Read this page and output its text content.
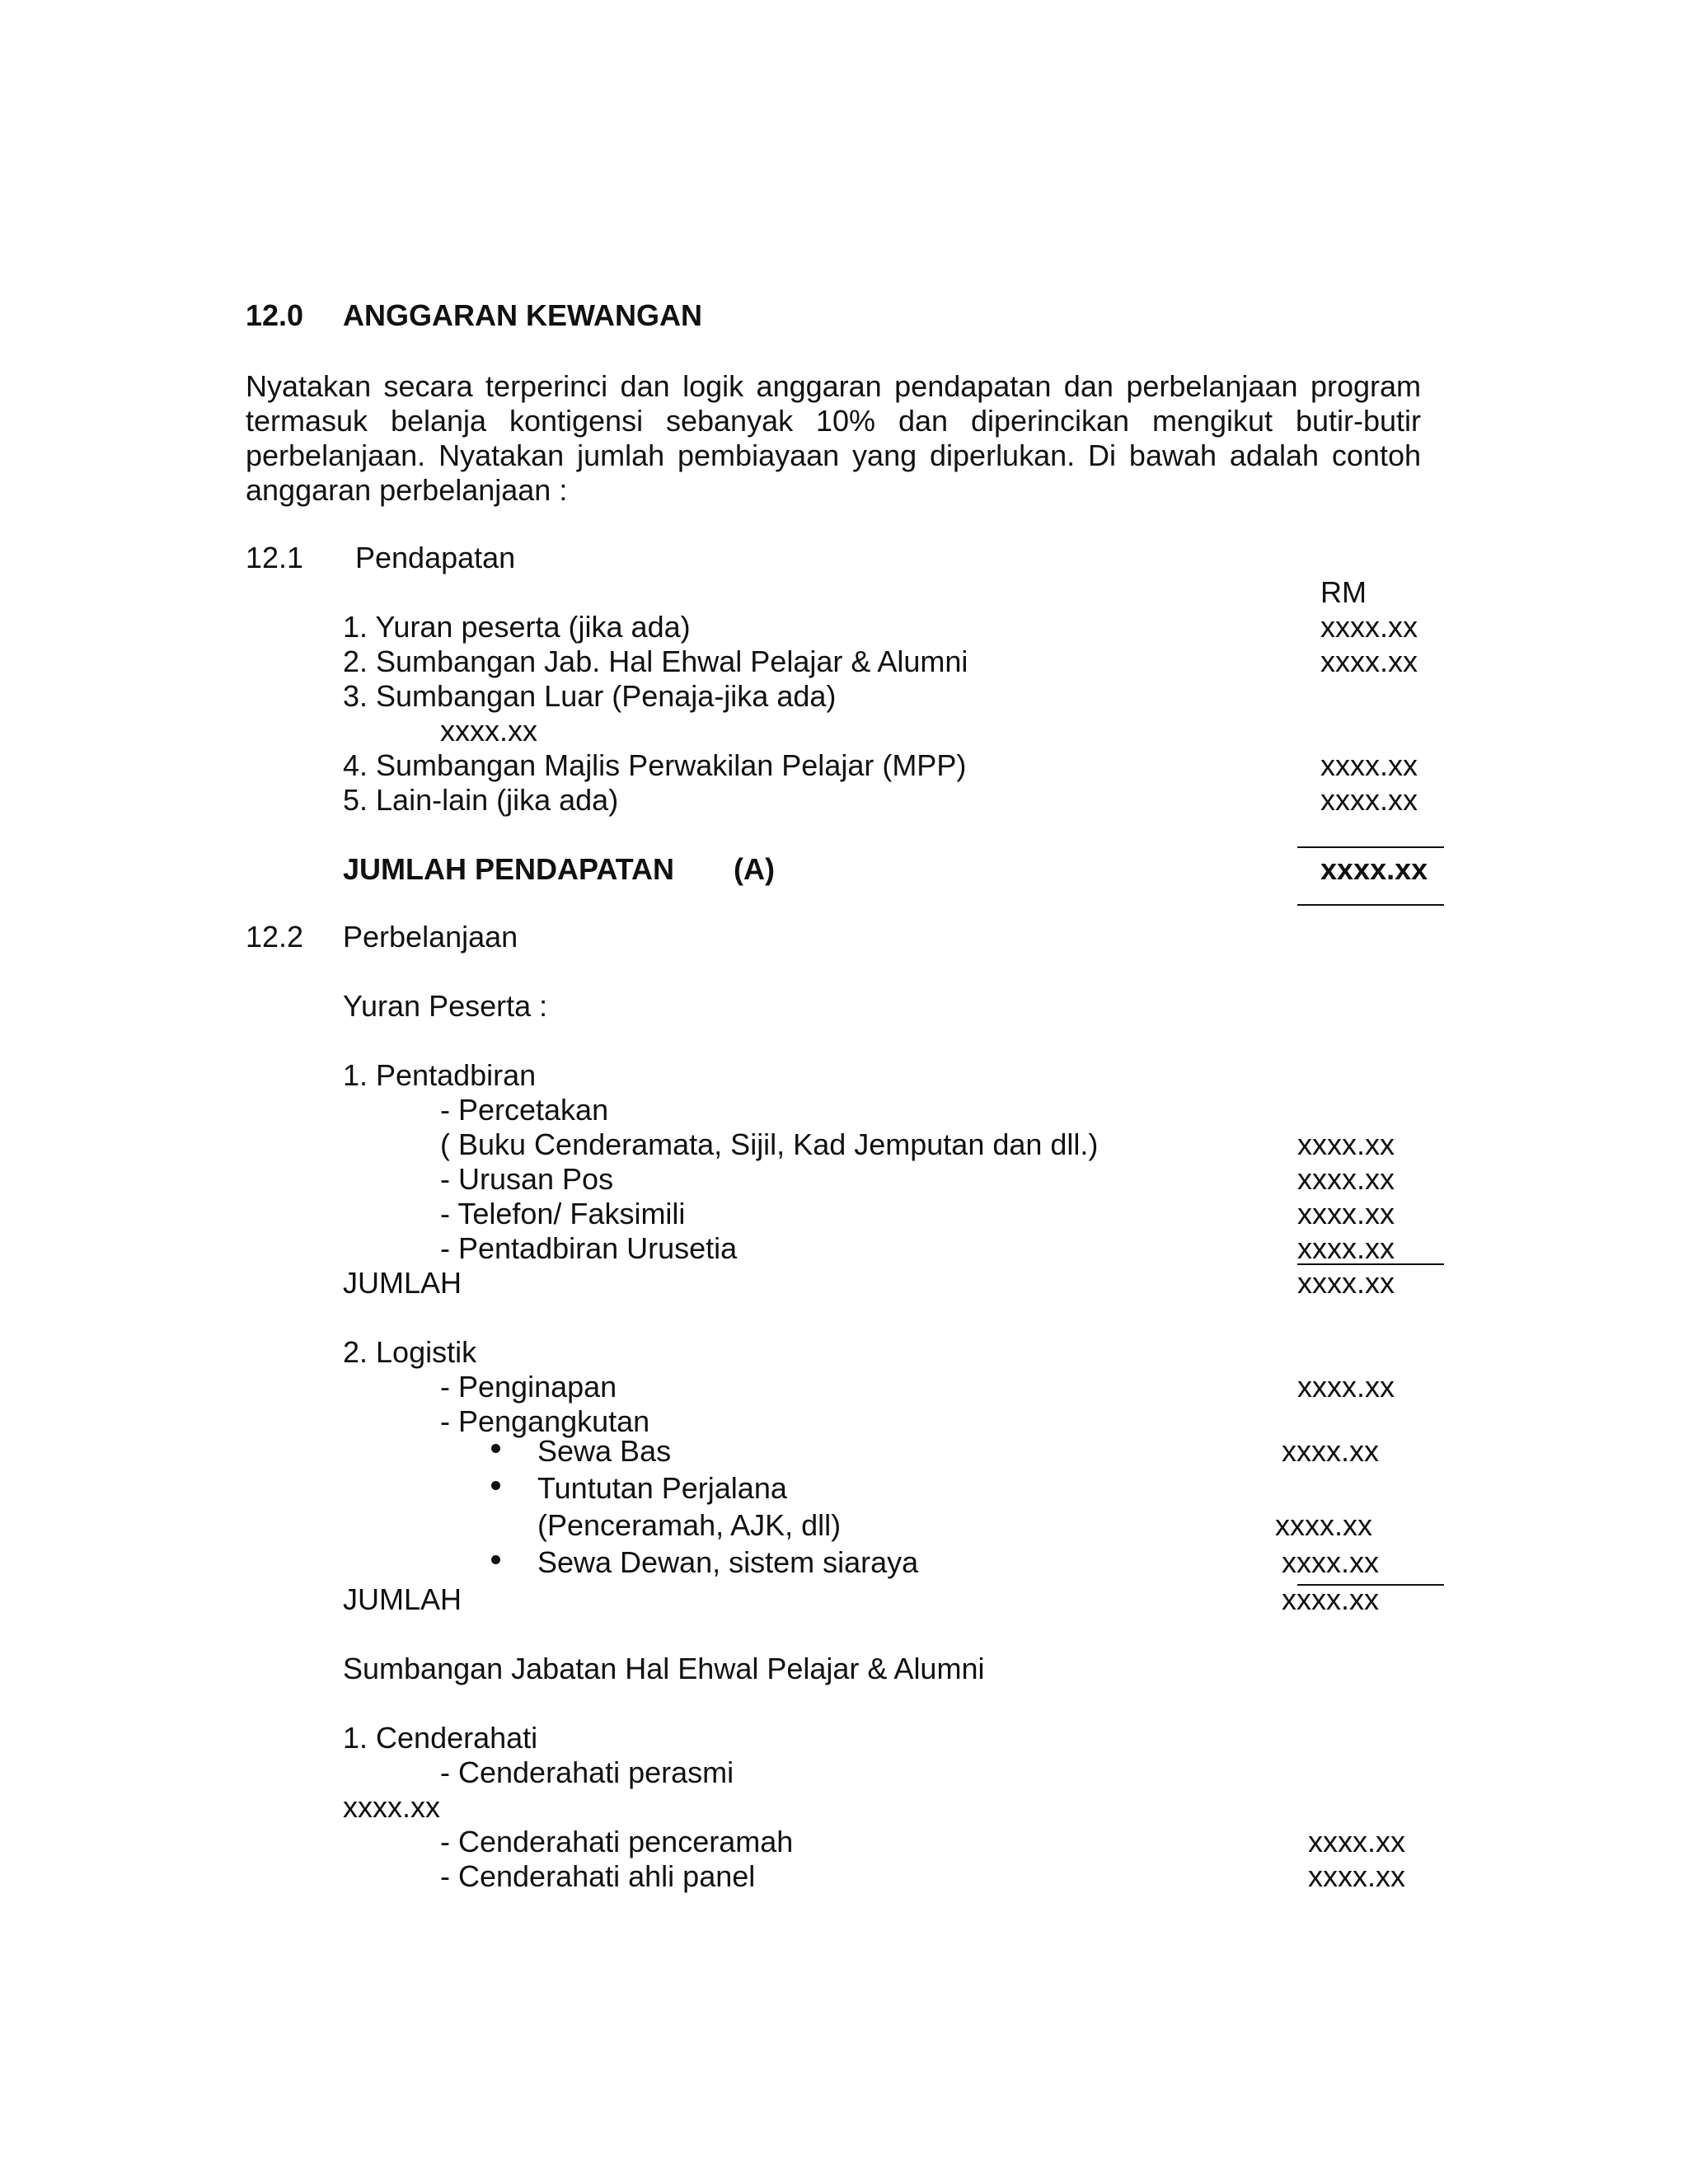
12.0 ANGGARAN KEWANGAN
Nyatakan secara terperinci dan logik anggaran pendapatan dan perbelanjaan program
termasuk belanja kontigensi sebanyak 10% dan diperincikan mengikut butir-butir
perbelanjaan. Nyatakan jumlah pembiayaan yang diperlukan. Di bawah adalah contoh
anggaran perbelanjaan :
12.1 Pendapatan
RM
1. Yuran peserta (jika ada)	xxxx.xx
2. Sumbangan Jab. Hal Ehwal Pelajar & Alumni	xxxx.xx
3. Sumbangan Luar (Penaja-jika ada)
xxxx.xx
4. Sumbangan Majlis Perwakilan Pelajar (MPP)	xxxx.xx
5. Lain-lain (jika ada)	xxxx.xx
JUMLAH PENDAPATAN (A)	xxxx.xx
12.2 Perbelanjaan
Yuran Peserta :
1. Pentadbiran
- Percetakan
( Buku Cenderamata, Sijil, Kad Jemputan dan dll.)	xxxx.xx
- Urusan Pos	xxxx.xx
- Telefon/ Faksimili	xxxx.xx
- Pentadbiran Urusetia	xxxx.xx
JUMLAH	xxxx.xx
2. Logistik
- Penginapan	xxxx.xx
- Pengangkutan
Sewa Bas	xxxx.xx
Tuntutan Perjalana
(Penceramah, AJK, dll)	xxxx.xx
Sewa Dewan, sistem siaraya	xxxx.xx
JUMLAH	xxxx.xx
Sumbangan Jabatan Hal Ehwal Pelajar & Alumni
1. Cenderahati
- Cenderahati perasmi
xxxx.xx
- Cenderahati penceramah	xxxx.xx
- Cenderahati ahli panel	xxxx.xx
